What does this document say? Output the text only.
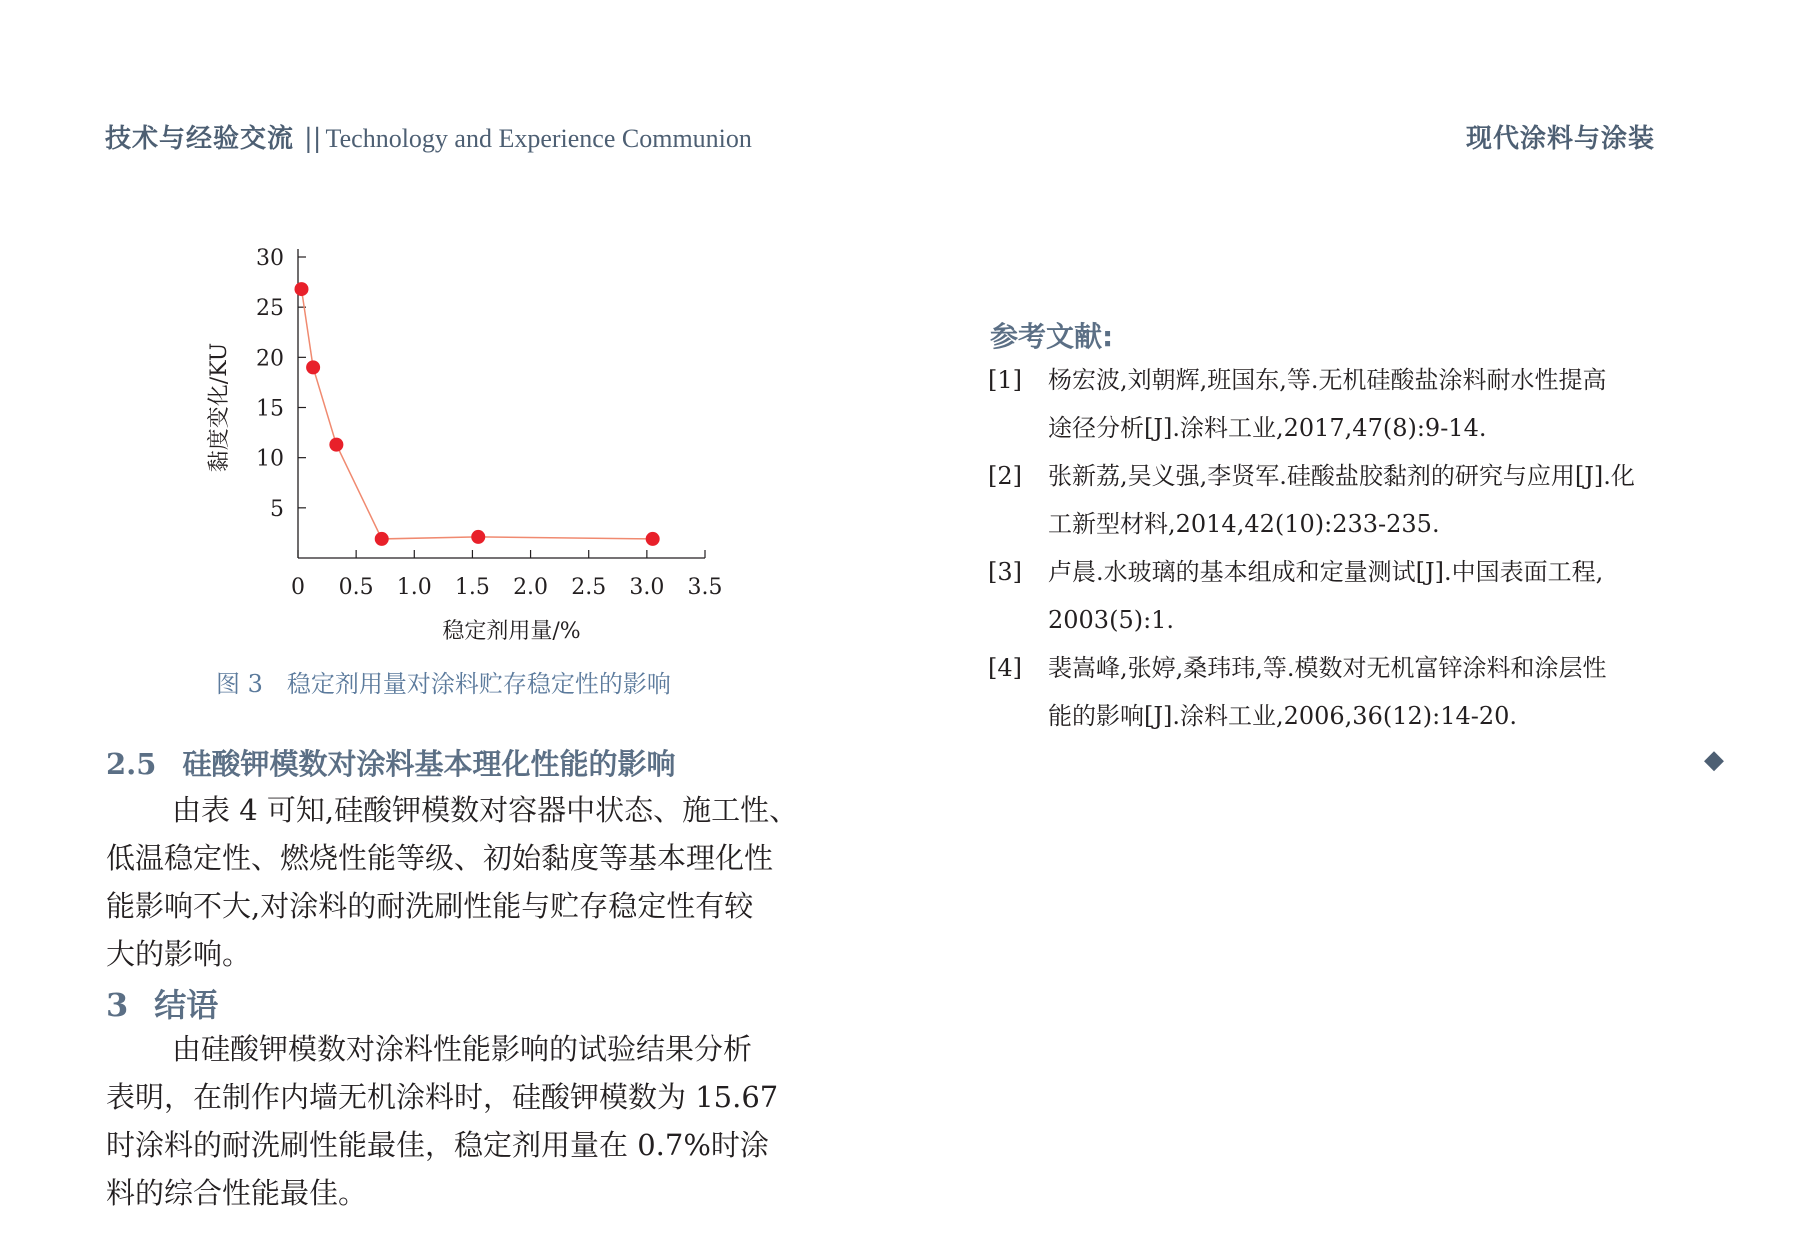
技术与经验交流 || Technology and Experience Communion	现代涂料与涂装
0 0.5 1.0 1.5 2.0 2.5 3.0 3.5
5
10
15
20
25
30
稳定剂用量/%
黏度变化/KU
图 3 稳定剂用量对涂料贮存稳定性的影响
2.5 硅酸钾模数对涂料基本理化性能的影响
由表 4 可知,硅酸钾模数对容器中状态、施工性、
低温稳定性、燃烧性能等级、初始黏度等基本理化性
能影响不大,对涂料的耐洗刷性能与贮存稳定性有较
大的影响。
3 结语
由硅酸钾模数对涂料性能影响的试验结果分析
表明，在制作内墙无机涂料时，硅酸钾模数为 15.67
时涂料的耐洗刷性能最佳，稳定剂用量在 0.7%时涂
料的综合性能最佳。
参考文献:
[1] 杨宏波,刘朝辉,班国东,等.无机硅酸盐涂料耐水性提高
途径分析[J].涂料工业,2017,47(8):9-14.
[2] 张新荔,吴义强,李贤军.硅酸盐胶黏剂的研究与应用[J].化
工新型材料,2014,42(10):233-235.
[3] 卢晨.水玻璃的基本组成和定量测试[J].中国表面工程,
2003(5):1.
[4] 裴嵩峰,张婷,桑玮玮,等.模数对无机富锌涂料和涂层性
能的影响[J].涂料工业,2006,36(12):14-20.
◆
